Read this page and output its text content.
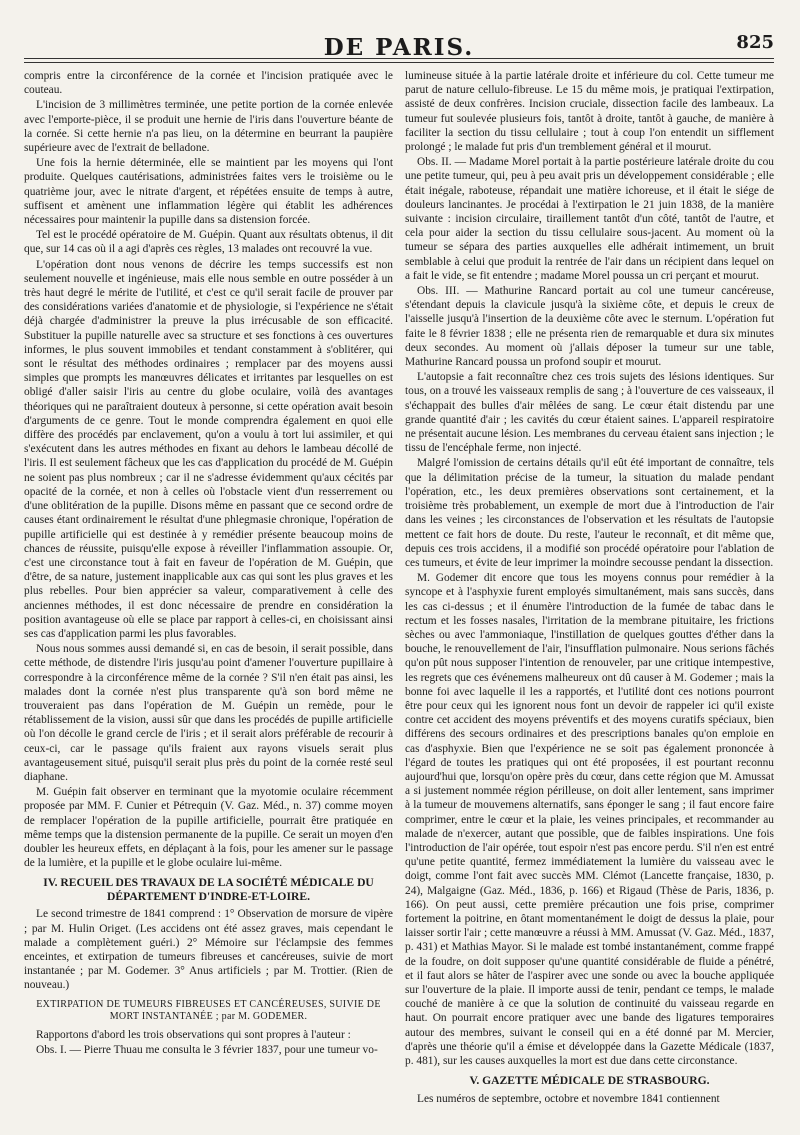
DE PARIS.	825

compris entre la circonférence de la cornée et l'incision pratiquée avec le couteau.

L'incision de 3 millimètres terminée, une petite portion de la cornée enlevée avec l'emporte-pièce, il se produit une hernie de l'iris dans l'ouverture béante de la cornée. Si cette hernie n'a pas lieu, on la détermine en beurrant la paupière supérieure avec de l'extrait de belladone.

Une fois la hernie déterminée, elle se maintient par les moyens qui l'ont produite. Quelques cautérisations, administrées faites vers le troisième ou le quatrième jour, avec le nitrate d'argent, et répétées ensuite de temps à autre, suffisent et amènent une inflammation légère qui établit les adhérences nécessaires pour maintenir la pupille dans sa distension forcée.

Tel est le procédé opératoire de M. Guépin. Quant aux résultats obtenus, il dit que, sur 14 cas où il a agi d'après ces règles, 13 malades ont recouvré la vue.

L'opération dont nous venons de décrire les temps successifs est non seulement nouvelle et ingénieuse, mais elle nous semble en outre posséder à un très haut degré le mérite de l'utilité, et c'est ce qu'il serait facile de prouver par des considérations variées d'anatomie et de physiologie, si l'expérience ne s'était déjà chargée d'administrer la preuve la plus irrécusable de son efficacité. Substituer la pupille naturelle avec sa structure et ses fonctions à ces ouvertures informes, le plus souvent immobiles et tendant constamment à s'oblitérer, qui sont le résultat des méthodes ordinaires ; remplacer par des moyens aussi simples que prompts les manœuvres délicates et irritantes par lesquelles on est obligé d'aller saisir l'iris au centre du globe oculaire, voilà des avantages théoriques qui ne paraîtraient douteux à personne, si cette opération avait besoin d'arguments de ce genre. Tout le monde comprendra également en quoi elle diffère des procédés par enclavement, qu'on a voulu à tort lui assimiler, et qui s'exécutent dans les autres méthodes en fixant au dehors le lambeau décollé de l'iris. Il est seulement fâcheux que les cas d'application du procédé de M. Guépin ne soient pas plus nombreux ; car il ne s'adresse évidemment qu'aux cécités par opacité de la cornée, et non à celles où l'obstacle vient d'un resserrement ou d'une oblitération de la pupille. Disons même en passant que ce second ordre de causes étant ordinairement le résultat d'une phlegmasie chronique, l'opération de pupille artificielle qui est destinée à y remédier présente beaucoup moins de chances de réussite, puisqu'elle expose à réveiller l'inflammation assoupie. Or, c'est une circonstance tout à fait en faveur de l'opération de M. Guépin, que d'être, de sa nature, justement inapplicable aux cas qui sont les plus graves et les plus rebelles. Pour bien apprécier sa valeur, comparativement à celle des anciennes méthodes, il est donc nécessaire de prendre en considération la position avantageuse où elle se place par rapport à celles-ci, en choisissant ainsi ses cas d'application parmi les plus favorables.

Nous nous sommes aussi demandé si, en cas de besoin, il serait possible, dans cette méthode, de distendre l'iris jusqu'au point d'amener l'ouverture pupillaire à correspondre à la circonférence même de la cornée ? S'il n'en était pas ainsi, les malades dont la cornée n'est plus transparente qu'à son bord même ne trouveraient pas dans l'opération de M. Guépin un remède, pour le rétablissement de la vision, aussi sûr que dans les procédés de pupille artificielle où l'on décolle le grand cercle de l'iris ; et il serait alors préférable de recourir à ceux-ci, car le passage qu'ils fraient aux rayons visuels serait plus avantageusement situé, puisqu'il serait plus près du point de la cornée resté seul diaphane.

M. Guépin fait observer en terminant que la myotomie oculaire récemment proposée par MM. F. Cunier et Pétrequin (V. Gaz. Méd., n. 37) comme moyen de remplacer l'opération de la pupille artificielle, pourrait être pratiquée en même temps que la distension permanente de la pupille. Ce serait un moyen d'en doubler les heureux effets, en déplaçant à la fois, pour les amener sur le passage de la lumière, et la pupille et le globe oculaire lui-même.

IV. RECUEIL DES TRAVAUX DE LA SOCIÉTÉ MÉDICALE DU DÉPARTEMENT D'INDRE-ET-LOIRE.

Le second trimestre de 1841 comprend : 1° Observation de morsure de vipère ; par M. Hulin Origet. (Les accidens ont été assez graves, mais cependant le malade a complètement guéri.) 2° Mémoire sur l'éclampsie des femmes enceintes, et extirpation de tumeurs fibreuses et cancéreuses, suivie de mort instantanée ; par M. Godemer. 3° Anus artificiels ; par M. Trottier. (Rien de nouveau.)

EXTIRPATION DE TUMEURS FIBREUSES ET CANCÉREUSES, SUIVIE DE MORT INSTANTANÉE ; par M. GODEMER.

Rapportons d'abord les trois observations qui sont propres à l'auteur :

Obs. I. — Pierre Thuau me consulta le 3 février 1837, pour une tumeur vo-

lumineuse située à la partie latérale droite et inférieure du col. Cette tumeur me parut de nature cellulo-fibreuse. Le 15 du même mois, je pratiquai l'extirpation, assisté de deux confrères. Incision cruciale, dissection facile des lambeaux. La tumeur fut soulevée plusieurs fois, tantôt à droite, tantôt à gauche, de manière à faciliter la section du tissu cellulaire ; tout à coup l'on entendit un sifflement prolongé ; le malade fut pris d'un tremblement général et il mourut.

Obs. II. — Madame Morel portait à la partie postérieure latérale droite du cou une petite tumeur, qui, peu à peu avait pris un développement considérable ; elle était inégale, raboteuse, répandait une matière ichoreuse, et il était le siége de douleurs lancinantes. Je procédai à l'extirpation le 21 juin 1838, de la manière suivante : incision circulaire, tiraillement tantôt d'un côté, tantôt de l'autre, et cela pour aider la section du tissu cellulaire sous-jacent. Au moment où la tumeur se sépara des parties auxquelles elle adhérait intimement, un bruit semblable à celui que produit la rentrée de l'air dans un récipient dans lequel on a fait le vide, se fit entendre ; madame Morel poussa un cri perçant et mourut.

Obs. III. — Mathurine Rancard portait au col une tumeur cancéreuse, s'étendant depuis la clavicule jusqu'à la sixième côte, et depuis le creux de l'aisselle jusqu'à l'insertion de la deuxième côte avec le sternum. L'opération fut faite le 8 février 1838 ; elle ne présenta rien de remarquable et dura six minutes deux secondes. Au moment où j'allais déposer la tumeur sur une table, Mathurine Rancard poussa un profond soupir et mourut.

L'autopsie a fait reconnaître chez ces trois sujets des lésions identiques. Sur tous, on a trouvé les vaisseaux remplis de sang ; à l'ouverture de ces vaisseaux, il s'échappait des bulles d'air mêlées de sang. Le cœur était distendu par une grande quantité d'air ; les cavités du cœur étaient saines. L'appareil respiratoire ne présentait aucune lésion. Les membranes du cerveau étaient sans injection ; le tissu de l'encéphale ferme, non injecté.

Malgré l'omission de certains détails qu'il eût été important de connaître, tels que la délimitation précise de la tumeur, la situation du malade pendant l'opération, etc., les deux premières observations sont certainement, et la troisième très probablement, un exemple de mort due à l'introduction de l'air dans les veines ; les circonstances de l'observation et les résultats de l'autopsie mettent ce fait hors de doute. Du reste, l'auteur le reconnaît, et dit même que, depuis ces trois accidens, il a modifié son procédé opératoire pour l'ablation de ces tumeurs, et évite de leur imprimer la moindre secousse pendant la dissection.

M. Godemer dit encore que tous les moyens connus pour remédier à la syncope et à l'asphyxie furent employés simultanément, mais sans succès, dans les cas ci-dessus ; et il énumère l'introduction de la fumée de tabac dans le rectum et les fosses nasales, l'irritation de la membrane pituitaire, les frictions sèches ou avec l'ammoniaque, l'instillation de quelques gouttes d'éther dans la bouche, le renouvellement de l'air, l'insufflation pulmonaire. Nous serions fâchés qu'on pût nous supposer l'intention de renouveler, par une critique intempestive, les regrets que ces événemens malheureux ont dû causer à M. Godemer ; mais la bonne foi avec laquelle il les a rapportés, et l'utilité dont ces notions pourront être pour ceux qui les ignorent nous font un devoir de rappeler ici qu'il existe contre cet accident des moyens préventifs et des moyens curatifs spéciaux, bien différens des secours ordinaires et des prescriptions banales qu'on emploie en cas d'asphyxie. Bien que l'expérience ne se soit pas également prononcée à l'égard de toutes les pratiques qui ont été proposées, il est pourtant reconnu aujourd'hui que, lorsqu'on opère près du cœur, dans cette région que M. Amussat a si justement nommée région périlleuse, on doit aller lentement, sans imprimer à la tumeur de mouvemens alternatifs, sans éponger le sang ; il faut encore faire comprimer, entre le cœur et la plaie, les veines principales, et recommander au malade de n'exercer, autant que possible, que de faibles inspirations. Une fois l'introduction de l'air opérée, tout espoir n'est pas encore perdu. S'il n'en est entré qu'une petite quantité, fermez immédiatement la lumière du vaisseau avec le doigt, comme l'ont fait avec succès MM. Clémot (Lancette française, 1830, p. 24), Malgaigne (Gaz. Méd., 1836, p. 166) et Rigaud (Thèse de Paris, 1836, p. 166). On peut aussi, cette première précaution une fois prise, comprimer fortement la poitrine, en ôtant momentanément le doigt de dessus la plaie, pour laisser sortir l'air ; cette manœuvre a réussi à MM. Amussat (V. Gaz. Méd., 1837, p. 431) et Mathias Mayor. Si le malade est tombé instantanément, comme frappé de la foudre, on doit supposer qu'une quantité considérable de fluide a pénétré, et il faut alors se hâter de l'aspirer avec une sonde ou avec la bouche appliquée sur l'ouverture de la plaie. Il importe aussi de tenir, pendant ce temps, le malade couché de manière à ce que la solution de continuité du vaisseau regarde en haut. On pourrait encore pratiquer avec une bande des ligatures temporaires autour des membres, suivant le conseil qui en a été donné par M. Mercier, d'après une théorie qu'il a émise et développée dans la Gazette Médicale (1837, p. 481), sur les causes auxquelles la mort est due dans cette circonstance.

V. GAZETTE MÉDICALE DE STRASBOURG.

Les numéros de septembre, octobre et novembre 1841 contiennent
